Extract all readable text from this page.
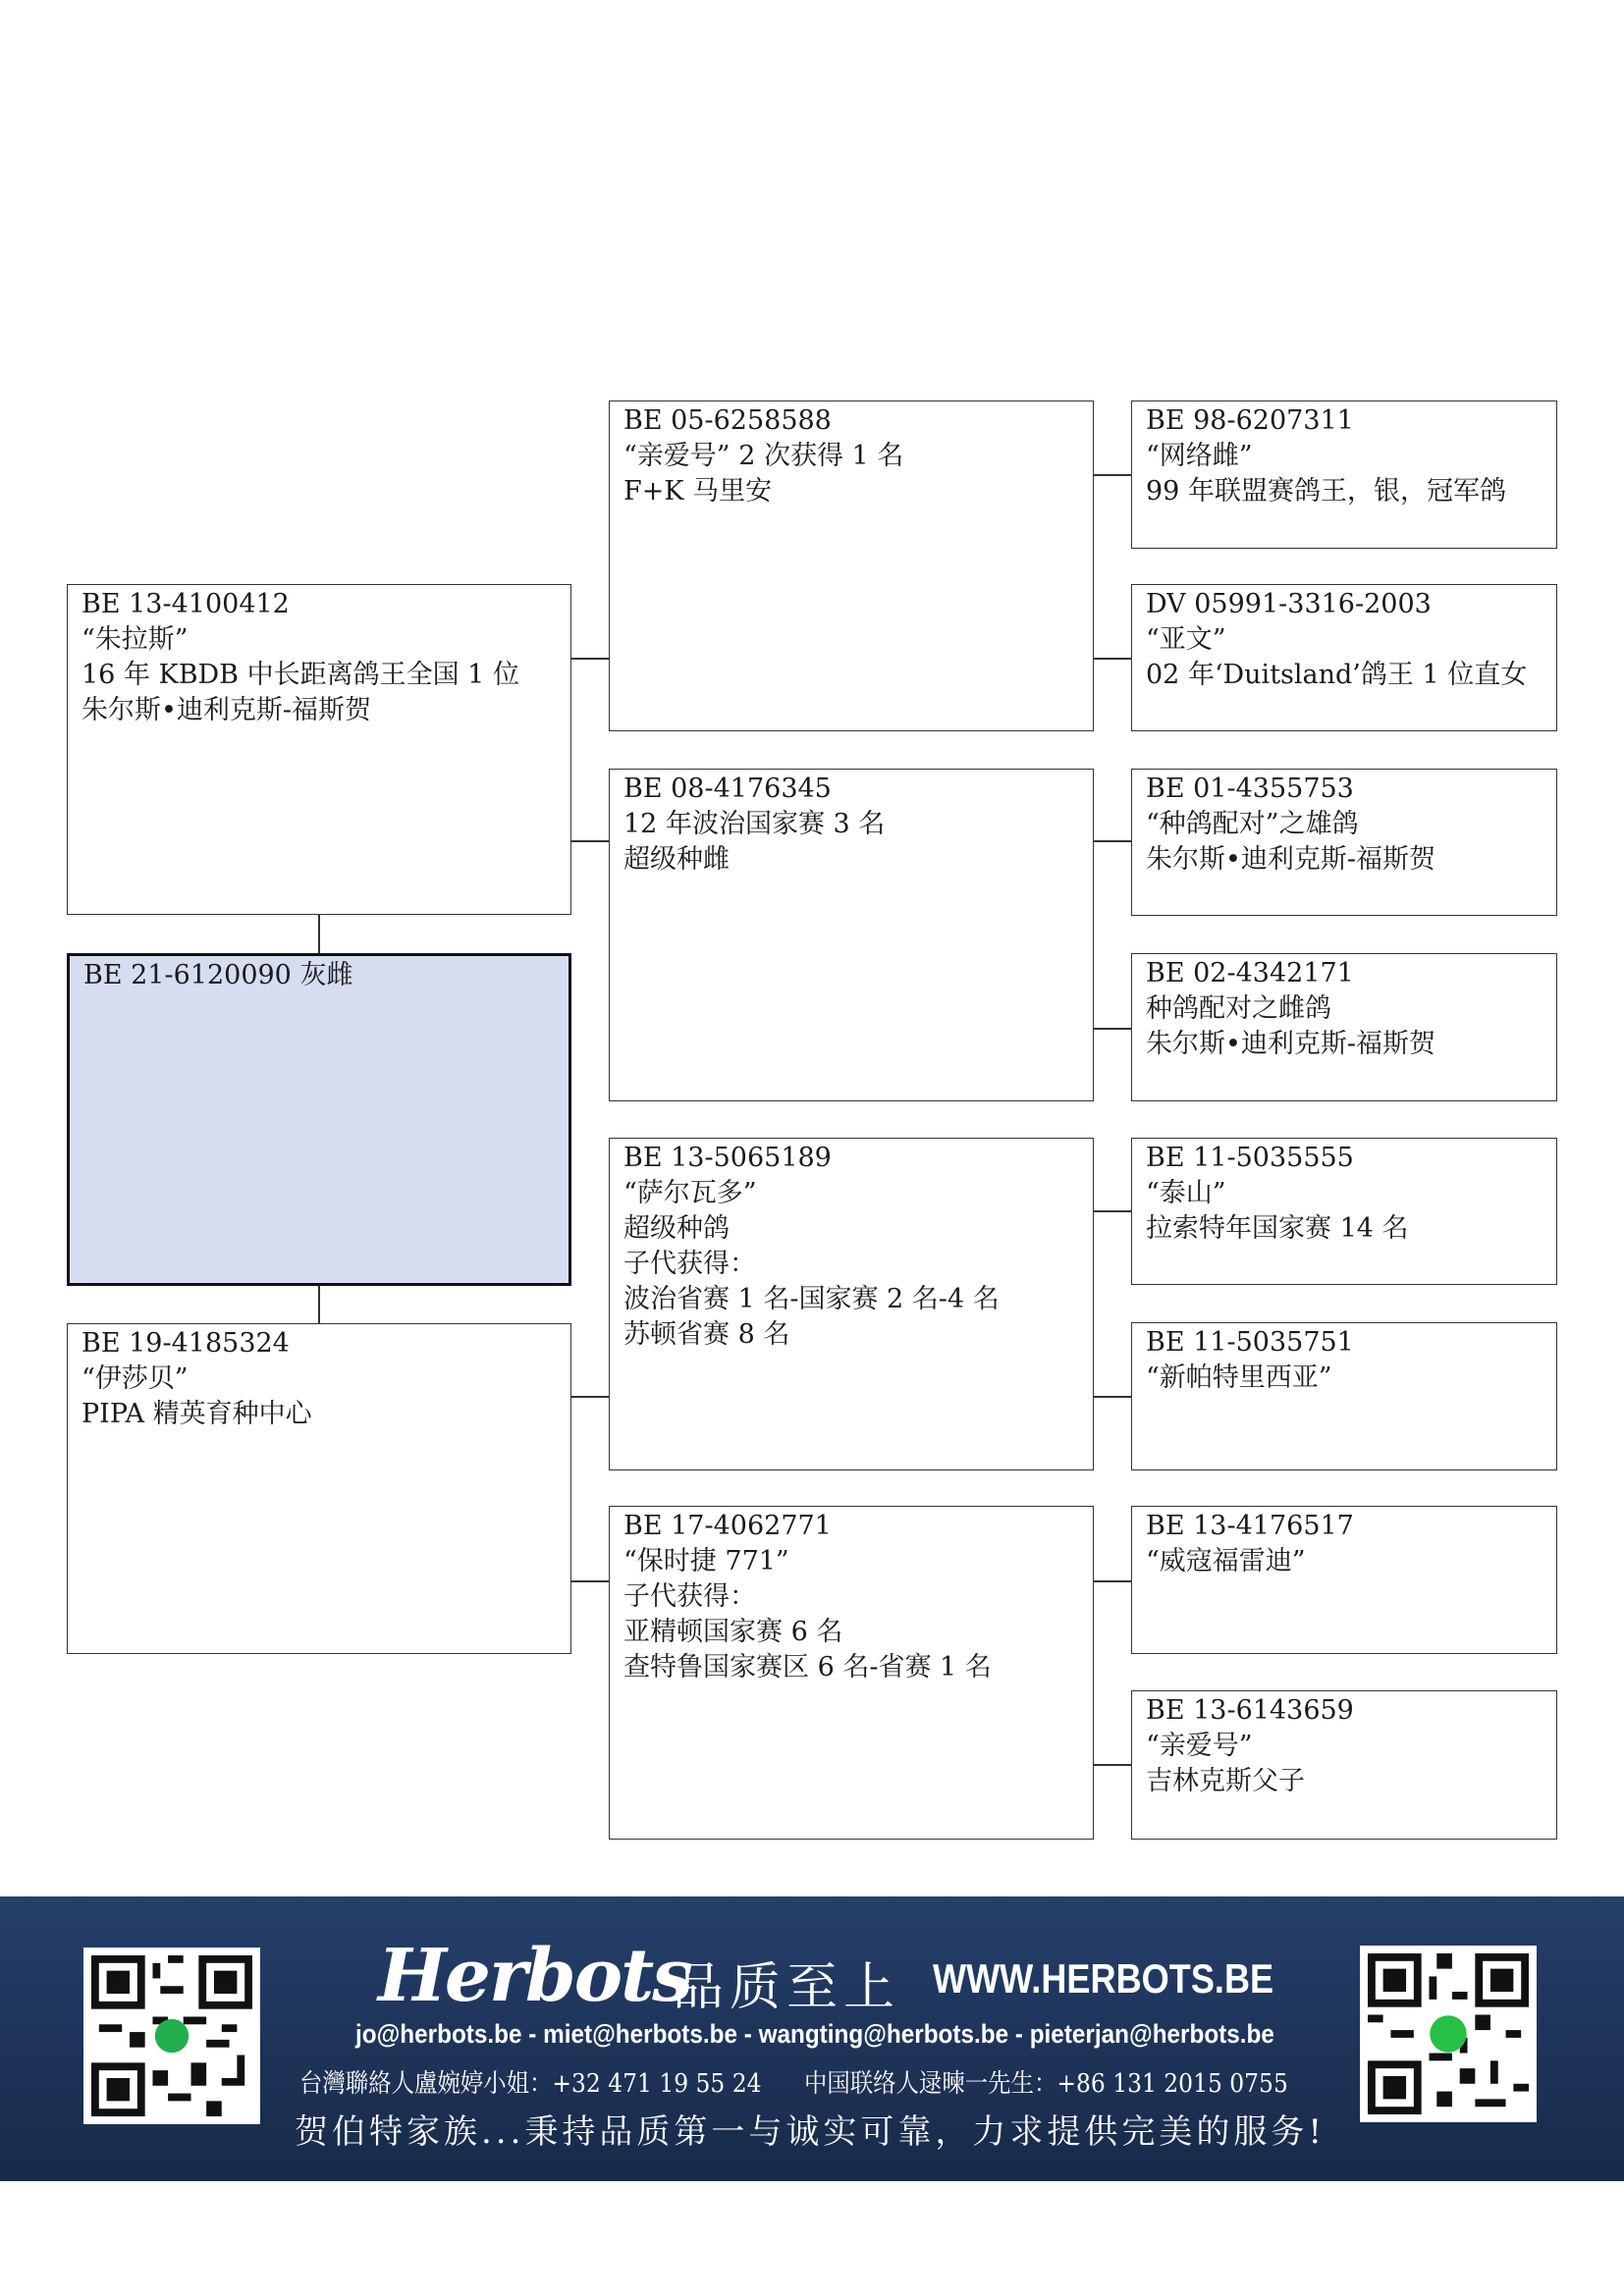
BE 21-6120090 灰雌
BE 13-4100412
“朱拉斯”
16 年 KBDB 中长距离鸽王全国 1 位
朱尔斯•迪利克斯-福斯贺
BE 19-4185324
“伊莎贝”
PIPA 精英育种中心
BE 05-6258588
“亲爱号” 2 次获得 1 名
F+K 马里安
BE 08-4176345
12 年波治国家赛 3 名
超级种雌
BE 13-5065189
“萨尔瓦多”
超级种鸽
子代获得：
波治省赛 1 名-国家赛 2 名-4 名
苏顿省赛 8 名
BE 17-4062771
“保时捷 771”
子代获得：
亚精顿国家赛 6 名
查特鲁国家赛区 6 名-省赛 1 名
BE 98-6207311
“网络雌”
99 年联盟赛鸽王，银，冠军鸽
DV 05991-3316-2003
“亚文”
02 年‘Duitsland’鸽王 1 位直女
BE 01-4355753
“种鸽配对”之雄鸽
朱尔斯•迪利克斯-福斯贺
BE 02-4342171
种鸽配对之雌鸽
朱尔斯•迪利克斯-福斯贺
BE 11-5035555
“泰山”
拉索特年国家赛 14 名
BE 11-5035751
“新帕特里西亚”
BE 13-4176517
“威寇福雷迪”
BE 13-6143659
“亲爱号”
吉林克斯父子
Herbots
品质至上 WWW.HERBOTS.BE
jo@herbots.be - miet@herbots.be - wangting@herbots.be - pieterjan@herbots.be
台灣聯絡人盧婉婷小姐：+32 471 19 55 24 中国联络人逯暕一先生：+86 131 2015 0755
贺伯特家族...秉持品质第一与诚实可靠，力求提供完美的服务!
